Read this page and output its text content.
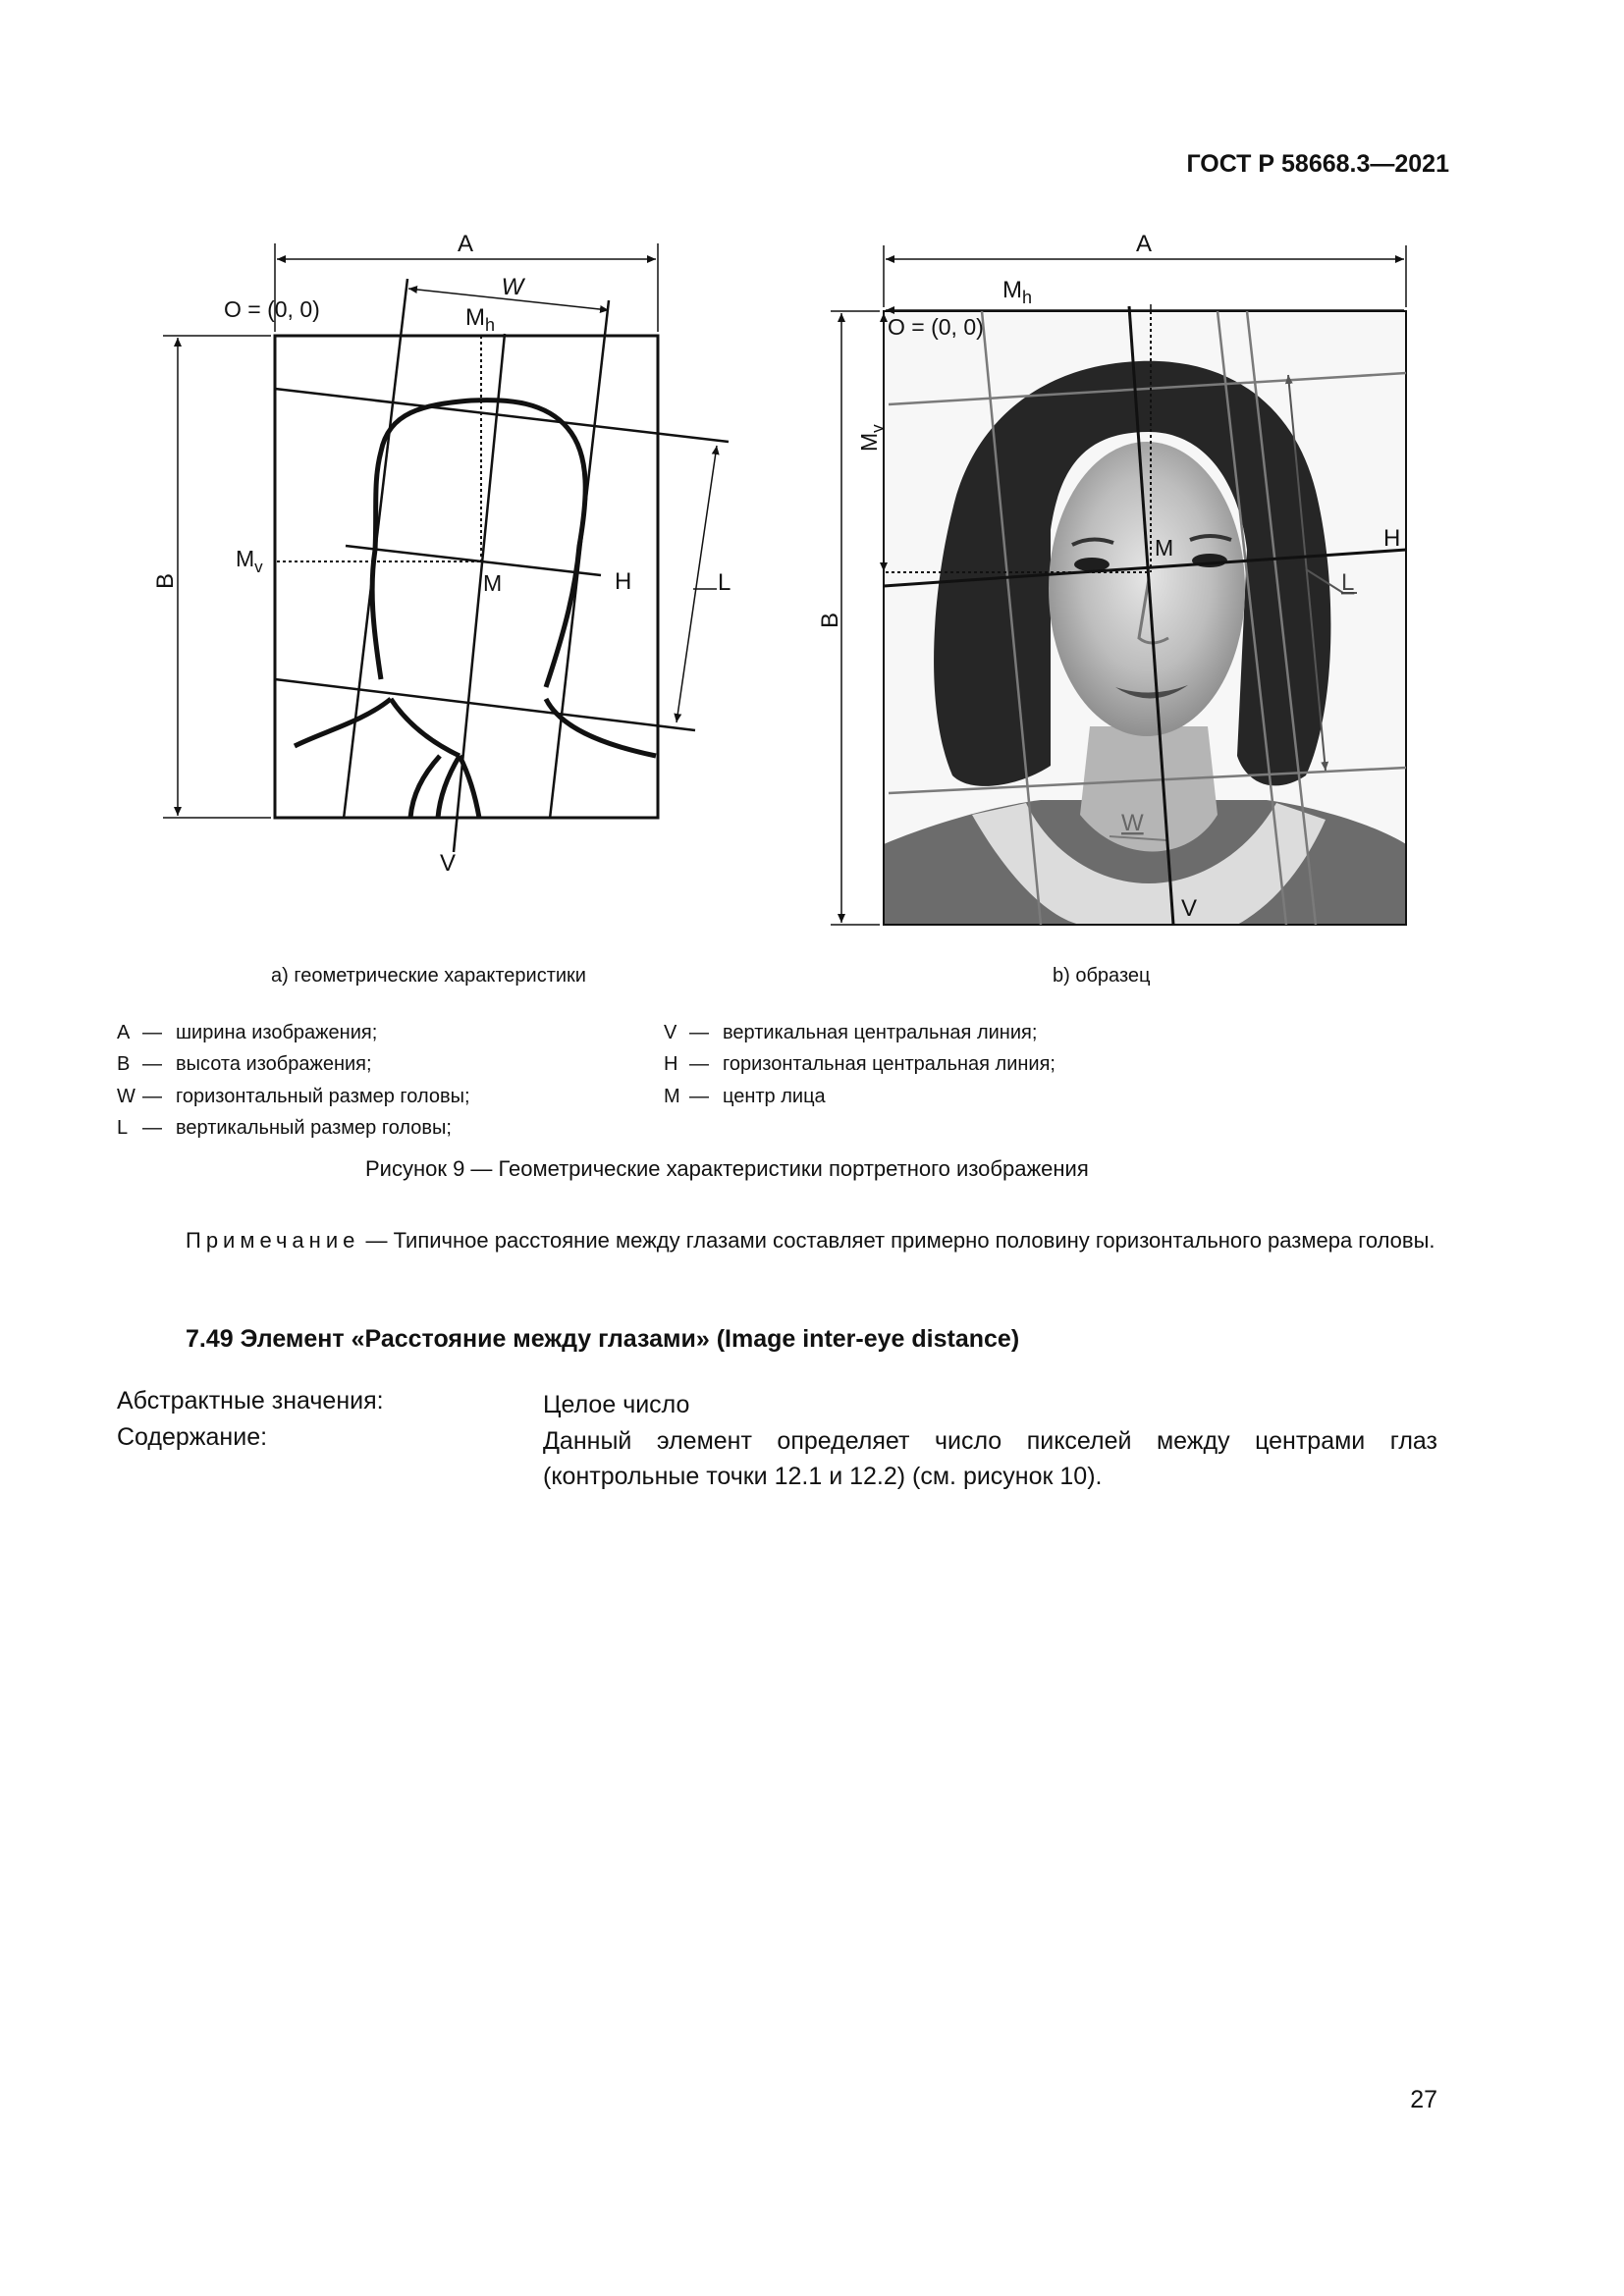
ГОСТ Р 58668.3—2021
A
W
$M_h$
O = (0, 0)
$M_v$
B	M	H	L
V
a) геометрические характеристики
A
$M_h$
O = (0, 0)
$M_v$
B
M	H
L
W
V
b) образец
A — ширина изображения;
B — высота изображения;
W — горизонтальный размер головы;
L — вертикальный размер головы;
V — вертикальная центральная линия;
H — горизонтальная центральная линия;
M — центр лица
Рисунок 9 — Геометрические характеристики портретного изображения
Примечание — Типичное расстояние между глазами составляет примерно половину горизонтального размера головы.
7.49 Элемент «Расстояние между глазами» (Image inter-eye distance)
Абстрактные значения:	Целое число
Содержание:	Данный элемент определяет число пикселей между центрами глаз
(контрольные точки 12.1 и 12.2) (см. рисунок 10).
27
